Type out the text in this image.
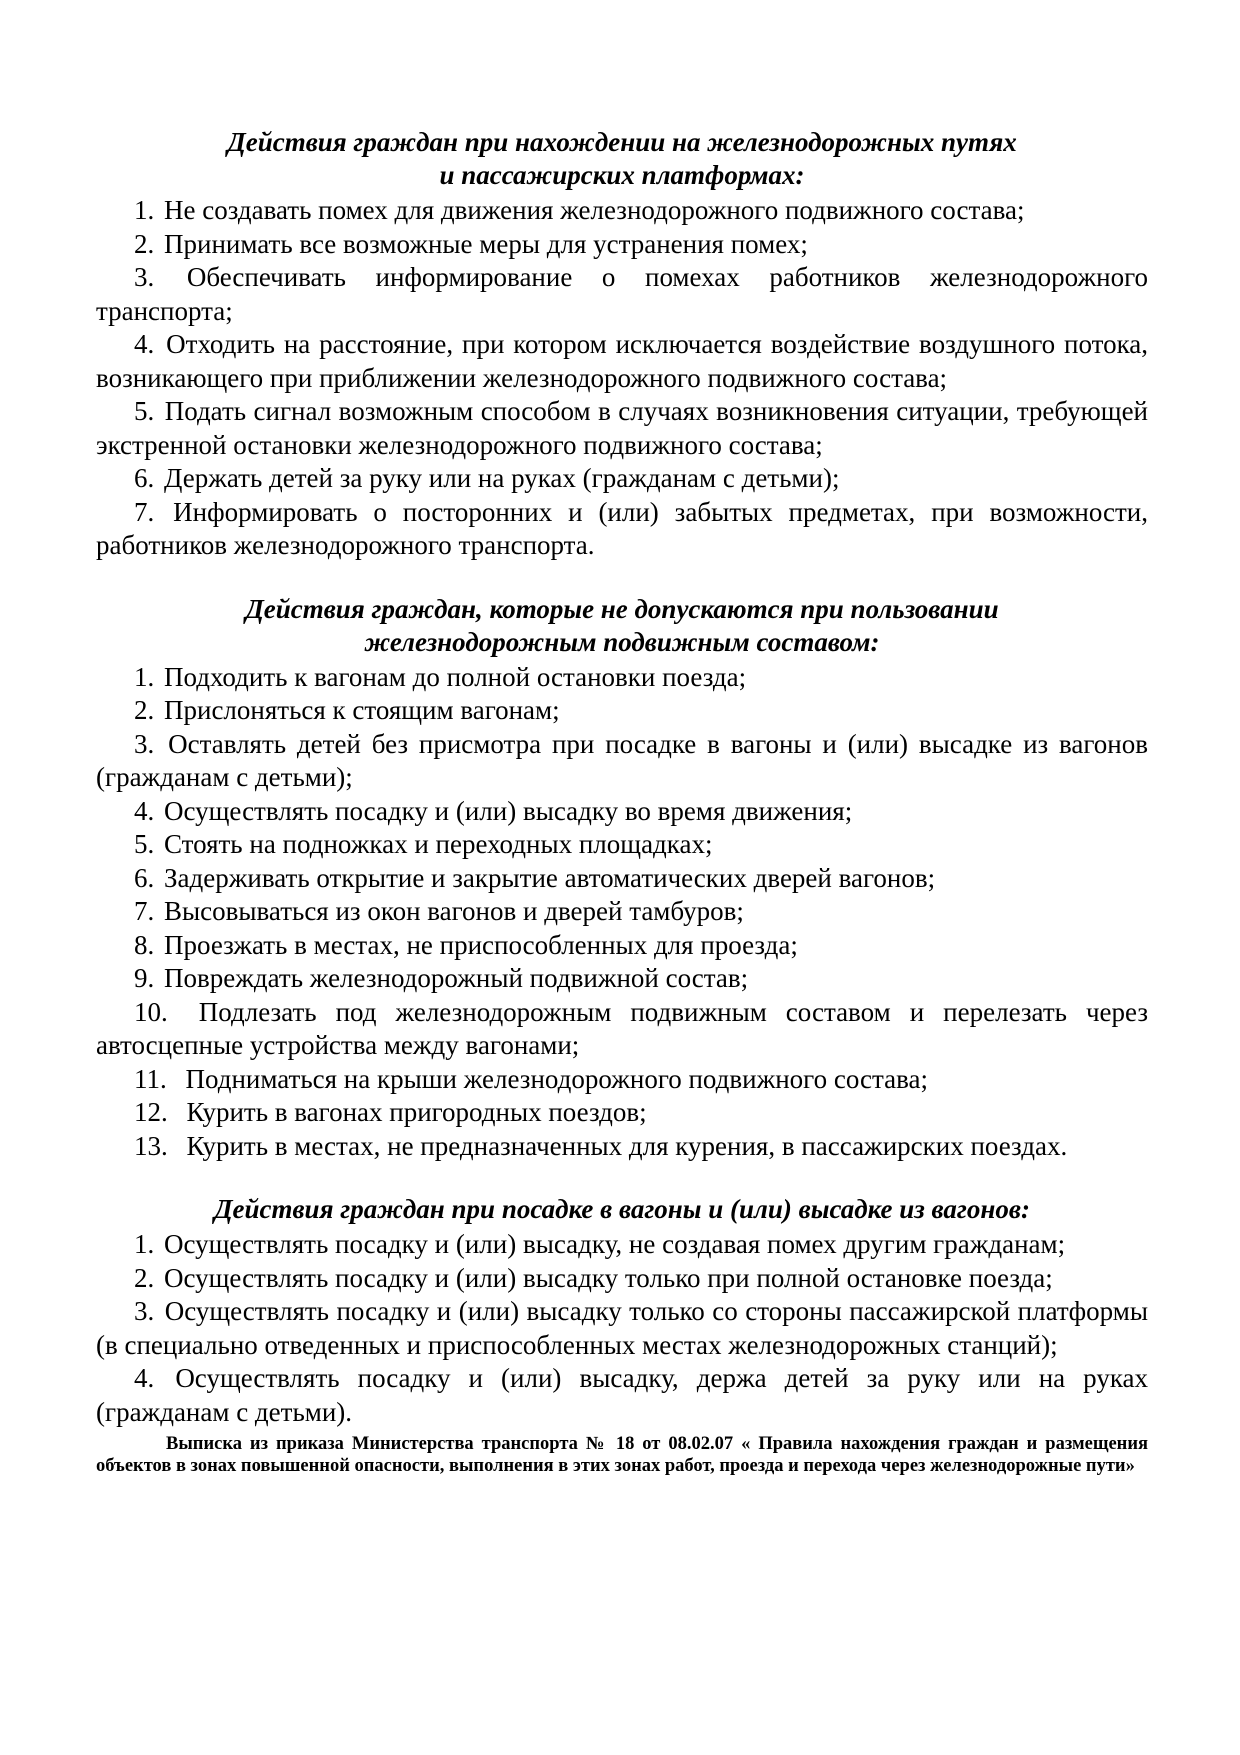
Действия граждан при нахождении на железнодорожных путях
и пассажирских платформах:

1. Не создавать помех для движения железнодорожного подвижного состава;

2. Принимать все возможные меры для устранения помех;

3. Обеспечивать информирование о помехах работников железнодорожного транспорта;

4. Отходить на расстояние, при котором исключается воздействие воздушного потока, возникающего при приближении железнодорожного подвижного состава;

5. Подать сигнал возможным способом в случаях возникновения ситуации, требующей экстренной остановки железнодорожного подвижного состава;

6. Держать детей за руку или на руках (гражданам с детьми);

7. Информировать о посторонних и (или) забытых предметах, при возможности, работников железнодорожного транспорта.

Действия граждан, которые не допускаются при пользовании
железнодорожным подвижным составом:

1. Подходить к вагонам до полной остановки поезда;

2. Прислоняться к стоящим вагонам;

3. Оставлять детей без присмотра при посадке в вагоны и (или) высадке из вагонов (гражданам с детьми);

4. Осуществлять посадку и (или) высадку во время движения;

5. Стоять на подножках и переходных площадках;

6. Задерживать открытие и закрытие автоматических дверей вагонов;

7. Высовываться из окон вагонов и дверей тамбуров;

8. Проезжать в местах, не приспособленных для проезда;

9. Повреждать железнодорожный подвижной состав;

10. Подлезать под железнодорожным подвижным составом и перелезать через автосцепные устройства между вагонами;

11. Подниматься на крыши железнодорожного подвижного состава;

12. Курить в вагонах пригородных поездов;

13. Курить в местах, не предназначенных для курения, в пассажирских поездах.

Действия граждан при посадке в вагоны и (или) высадке из вагонов:

1. Осуществлять посадку и (или) высадку, не создавая помех другим гражданам;

2. Осуществлять посадку и (или) высадку только при полной остановке поезда;

3. Осуществлять посадку и (или) высадку только со стороны пассажирской платформы (в специально отведенных и приспособленных местах железнодорожных станций);

4. Осуществлять посадку и (или) высадку, держа детей за руку или на руках (гражданам с детьми).

Выписка из приказа Министерства транспорта № 18 от 08.02.07 « Правила нахождения граждан и размещения объектов в зонах повышенной опасности, выполнения в этих зонах работ, проезда и перехода через железнодорожные пути»
